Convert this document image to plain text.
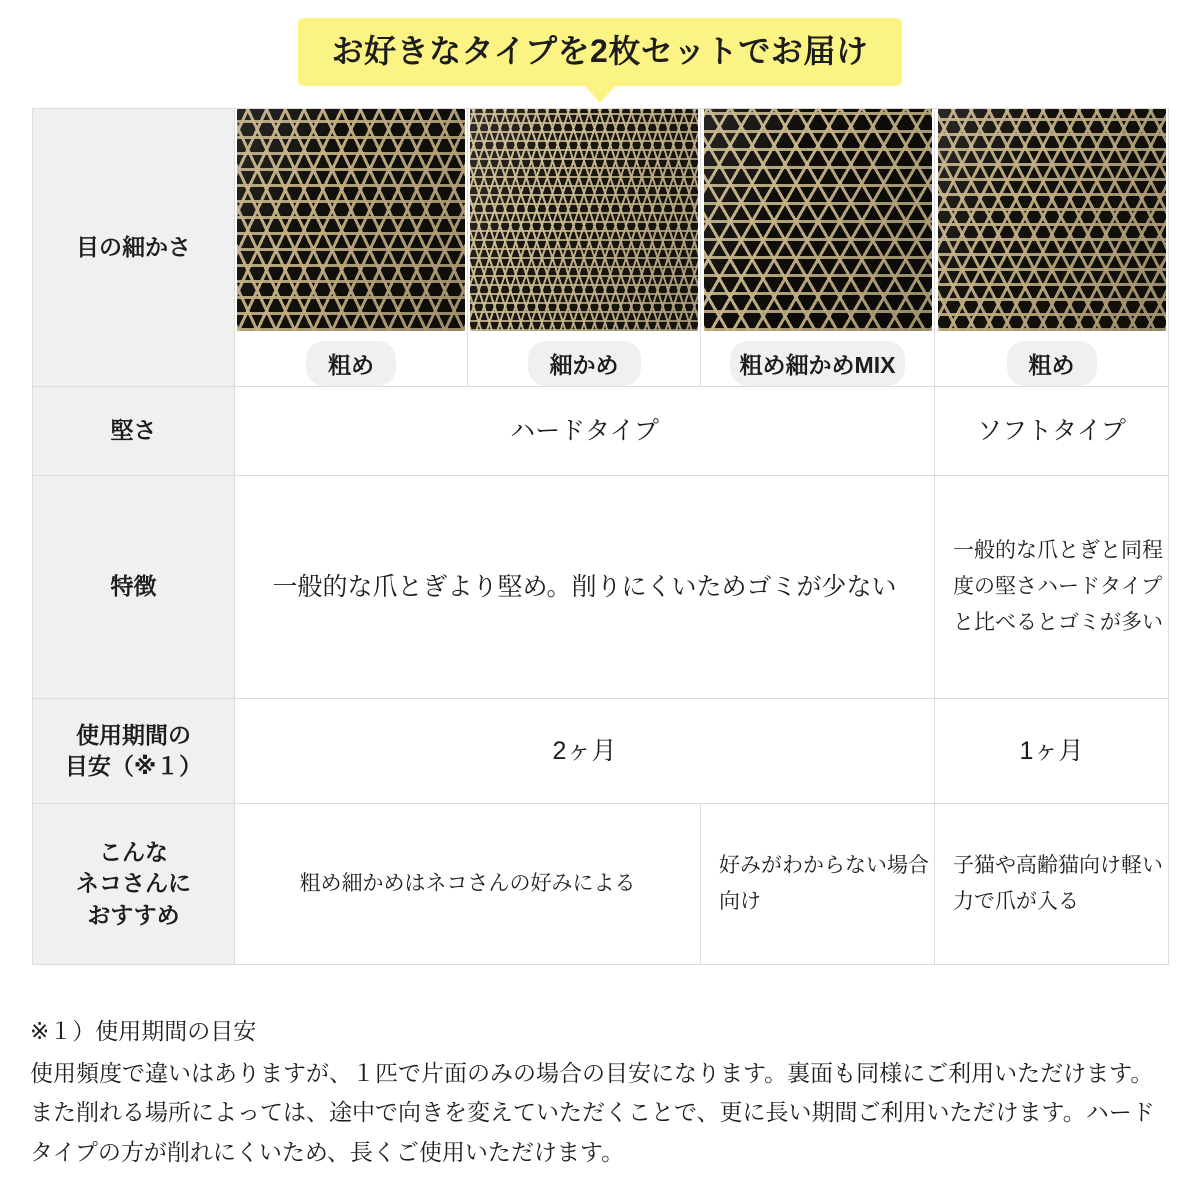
お好きなタイプを2枚セットでお届け
目の細かさ	粗め	細かめ	粗め細かめMIX	粗め

堅さ	ハードタイプ			ソフトタイプ
特徴	一般的な爪とぎより堅め。削りにくいためゴミが少ない			一般的な爪とぎと同程度の堅さハードタイプと比べるとゴミが多い
使用期間の
目安（※１）	2ヶ月			1ヶ月
こんな
ネコさんに
おすすめ	粗め細かめはネコさんの好みによる		好みがわからない場合向け	子猫や高齢猫向け軽い力で爪が入る

※１）使用期間の目安

使用頻度で違いはありますが、１匹で片面のみの場合の目安になります。裏面も同様にご利用いただけます。また削れる場所によっては、途中で向きを変えていただくことで、更に長い期間ご利用いただけます。ハードタイプの方が削れにくいため、長くご使用いただけます。
